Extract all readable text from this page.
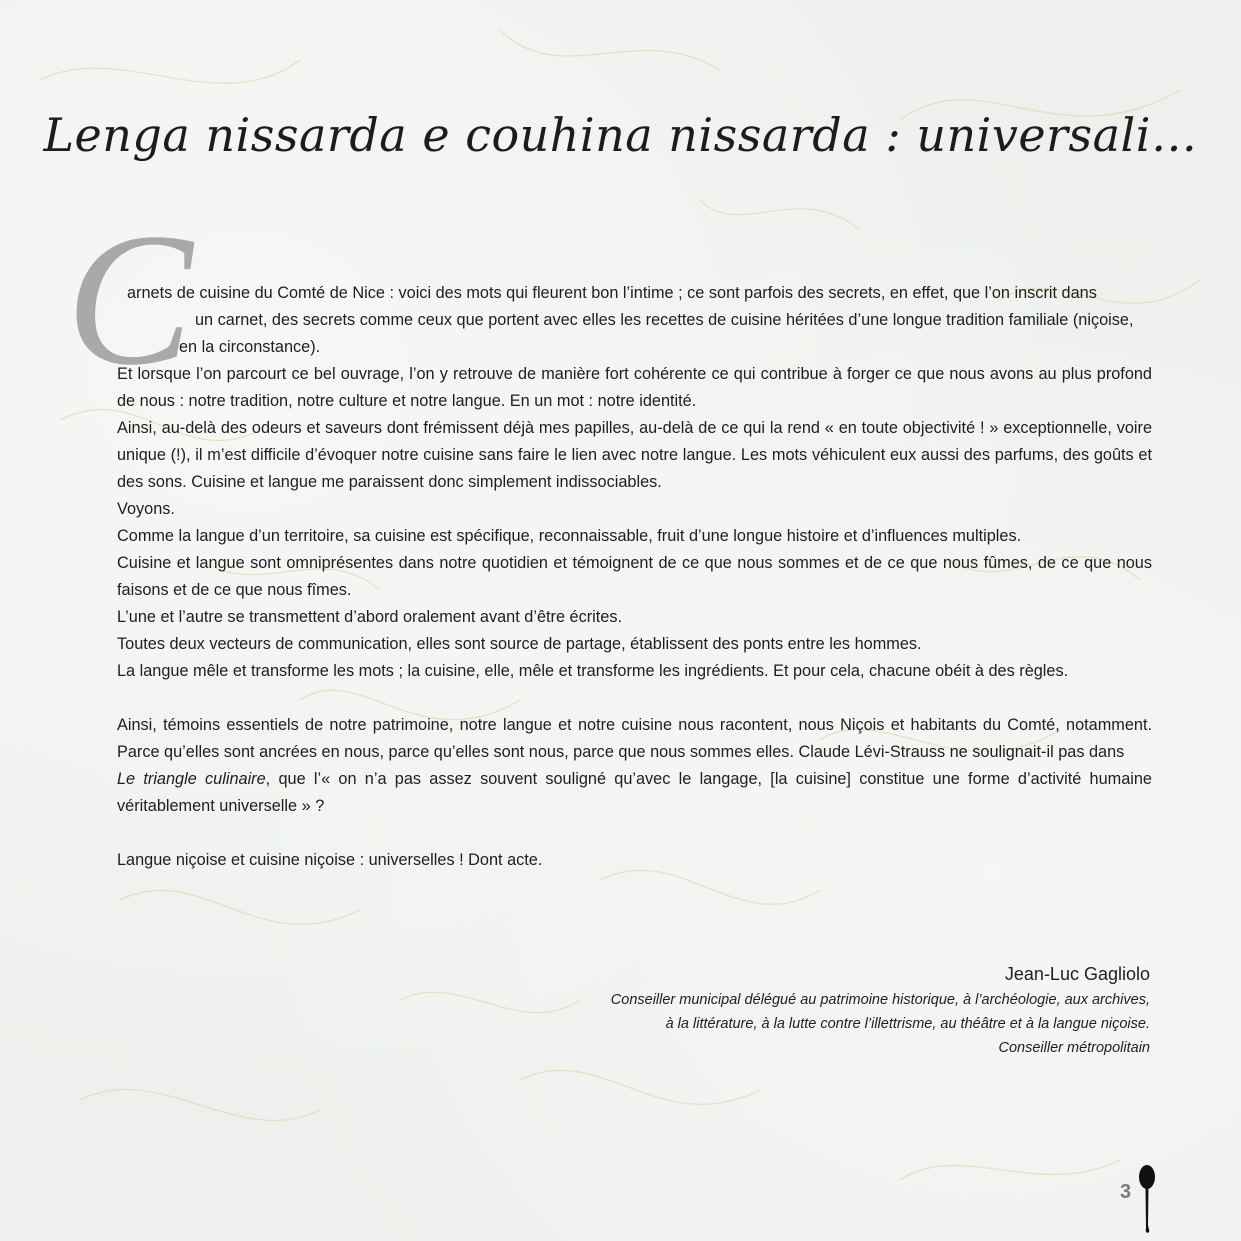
Lenga nissarda e couhina nissarda : universali…
C

arnets de cuisine du Comté de Nice : voici des mots qui fleurent bon l’intime ; ce sont parfois des secrets, en effet, que l’on inscrit dans

un carnet, des secrets comme ceux que portent avec elles les recettes de cuisine héritées d’une longue tradition familiale (niçoise,

en la circonstance).

Et lorsque l’on parcourt ce bel ouvrage, l’on y retrouve de manière fort cohérente ce qui contribue à forger ce que nous avons au plus profond de nous : notre tradition, notre culture et notre langue. En un mot : notre identité.

Ainsi, au-delà des odeurs et saveurs dont frémissent déjà mes papilles, au-delà de ce qui la rend « en toute objectivité ! » exceptionnelle, voire unique (!), il m’est difficile d’évoquer notre cuisine sans faire le lien avec notre langue. Les mots véhiculent eux aussi des parfums, des goûts et des sons. Cuisine et langue me paraissent donc simplement indissociables.

Voyons.

Comme la langue d’un territoire, sa cuisine est spécifique, reconnaissable, fruit d’une longue histoire et d’influences multiples.

Cuisine et langue sont omniprésentes dans notre quotidien et témoignent de ce que nous sommes et de ce que nous fûmes, de ce que nous faisons et de ce que nous fîmes.

L’une et l’autre se transmettent d’abord oralement avant d’être écrites.

Toutes deux vecteurs de communication, elles sont source de partage, établissent des ponts entre les hommes.

La langue mêle et transforme les mots ; la cuisine, elle, mêle et transforme les ingrédients. Et pour cela, chacune obéit à des règles.

Ainsi, témoins essentiels de notre patrimoine, notre langue et notre cuisine nous racontent, nous Niçois et habitants du Comté, notamment. Parce qu’elles sont ancrées en nous, parce qu’elles sont nous, parce que nous sommes elles. Claude Lévi-Strauss ne soulignait-il pas dans
Le triangle culinaire, que l’« on n’a pas assez souvent souligné qu’avec le langage, [la cuisine] constitue une forme d’activité humaine véritablement universelle » ?

Langue niçoise et cuisine niçoise : universelles ! Dont acte.

Jean-Luc Gagliolo
Conseiller municipal délégué au patrimoine historique, à l’archéologie, aux archives,
à la littérature, à la lutte contre l’illettrisme, au théâtre et à la langue niçoise.
Conseiller métropolitain
3
